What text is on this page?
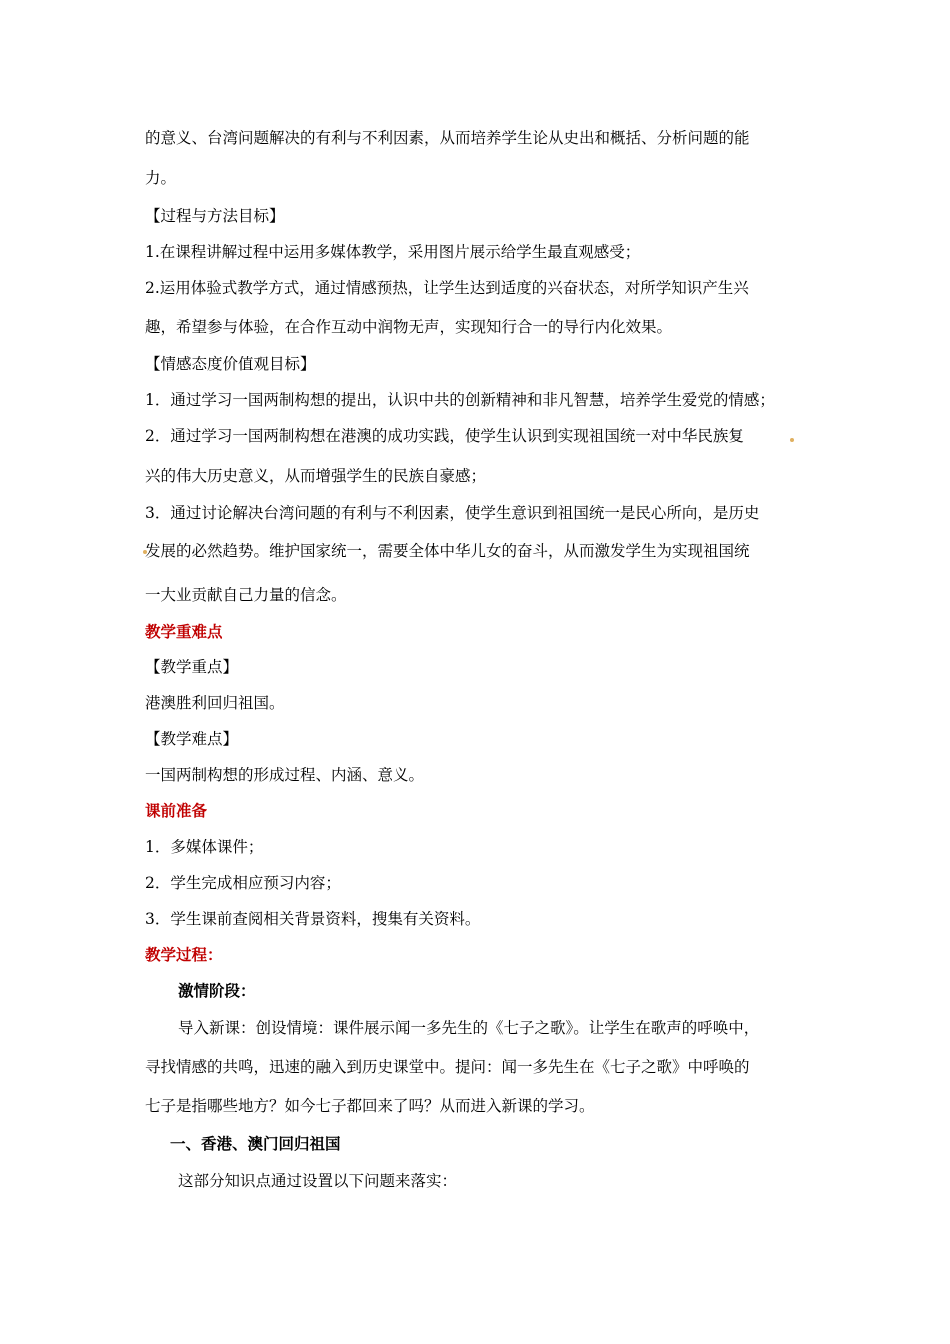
的意义、台湾问题解决的有利与不利因素，从而培养学生论从史出和概括、分析问题的能
力。
【过程与方法目标】
1.在课程讲解过程中运用多媒体教学，采用图片展示给学生最直观感受；
2.运用体验式教学方式，通过情感预热，让学生达到适度的兴奋状态，对所学知识产生兴
趣，希望参与体验，在合作互动中润物无声，实现知行合一的导行内化效果。
【情感态度价值观目标】
1．通过学习一国两制构想的提出，认识中共的创新精神和非凡智慧，培养学生爱党的情感；
2．通过学习一国两制构想在港澳的成功实践，使学生认识到实现祖国统一对中华民族复
兴的伟大历史意义，从而增强学生的民族自豪感；
3．通过讨论解决台湾问题的有利与不利因素，使学生意识到祖国统一是民心所向，是历史
发展的必然趋势。维护国家统一，需要全体中华儿女的奋斗，从而激发学生为实现祖国统
一大业贡献自己力量的信念。
教学重难点
【教学重点】
港澳胜利回归祖国。
【教学难点】
一国两制构想的形成过程、内涵、意义。
课前准备
1．多媒体课件；
2．学生完成相应预习内容；
3．学生课前查阅相关背景资料，搜集有关资料。
教学过程：
激情阶段：
导入新课：创设情境：课件展示闻一多先生的《七子之歌》。让学生在歌声的呼唤中，
寻找情感的共鸣，迅速的融入到历史课堂中。提问：闻一多先生在《七子之歌》中呼唤的
七子是指哪些地方？如今七子都回来了吗？从而进入新课的学习。
一、香港、澳门回归祖国
这部分知识点通过设置以下问题来落实：
